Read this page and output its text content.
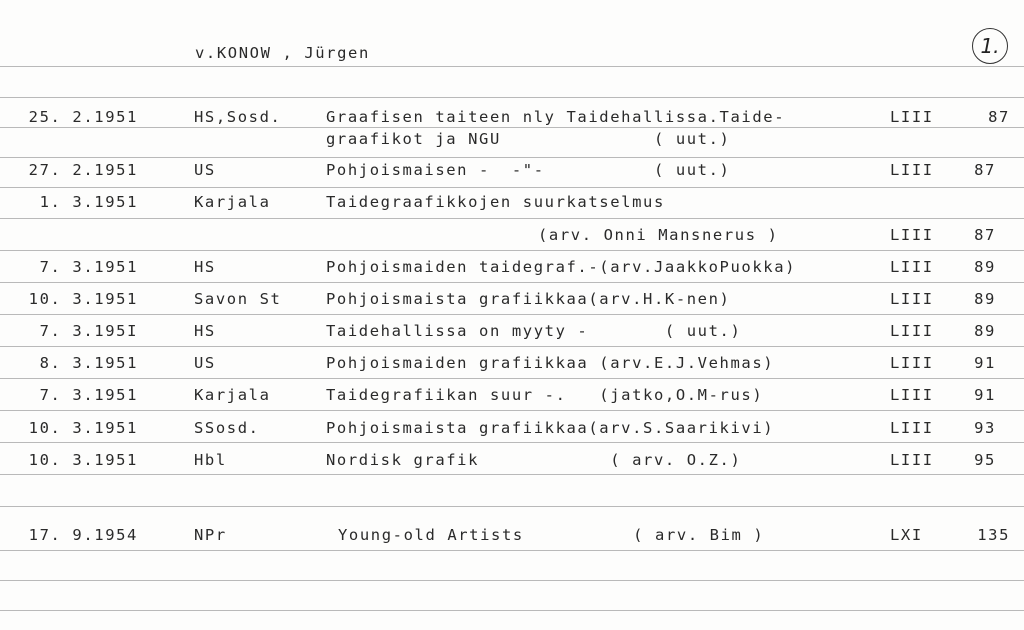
v.KONOW , Jürgen	1.
25. 2.1951	HS,Sosd.	Graafisen taiteen nly Taidehallissa.Taide-	LIII	87
graafikot ja NGU              ( uut.)
27. 2.1951	US	Pohjoismaisen -  -"-          ( uut.)	LIII	87
1. 3.1951	Karjala	Taidegraafikkojen suurkatselmus
(arv. Onni Mansnerus )	LIII	87
7. 3.1951	HS	Pohjoismaiden taidegraf.-(arv.JaakkoPuokka)	LIII	89
10. 3.1951	Savon St	Pohjoismaista grafiikkaa(arv.H.K-nen)	LIII	89
7. 3.195I	HS	Taidehallissa on myyty -       ( uut.)	LIII	89
8. 3.1951	US	Pohjoismaiden grafiikkaa (arv.E.J.Vehmas)	LIII	91
7. 3.1951	Karjala	Taidegrafiikan suur -.   (jatko,O.M-rus)	LIII	91
10. 3.1951	SSosd.	Pohjoismaista grafiikkaa(arv.S.Saarikivi)	LIII	93
10. 3.1951	Hbl	Nordisk grafik            ( arv. O.Z.)	LIII	95
17. 9.1954	NPr	Young-old Artists          ( arv. Bim )	LXI	135
